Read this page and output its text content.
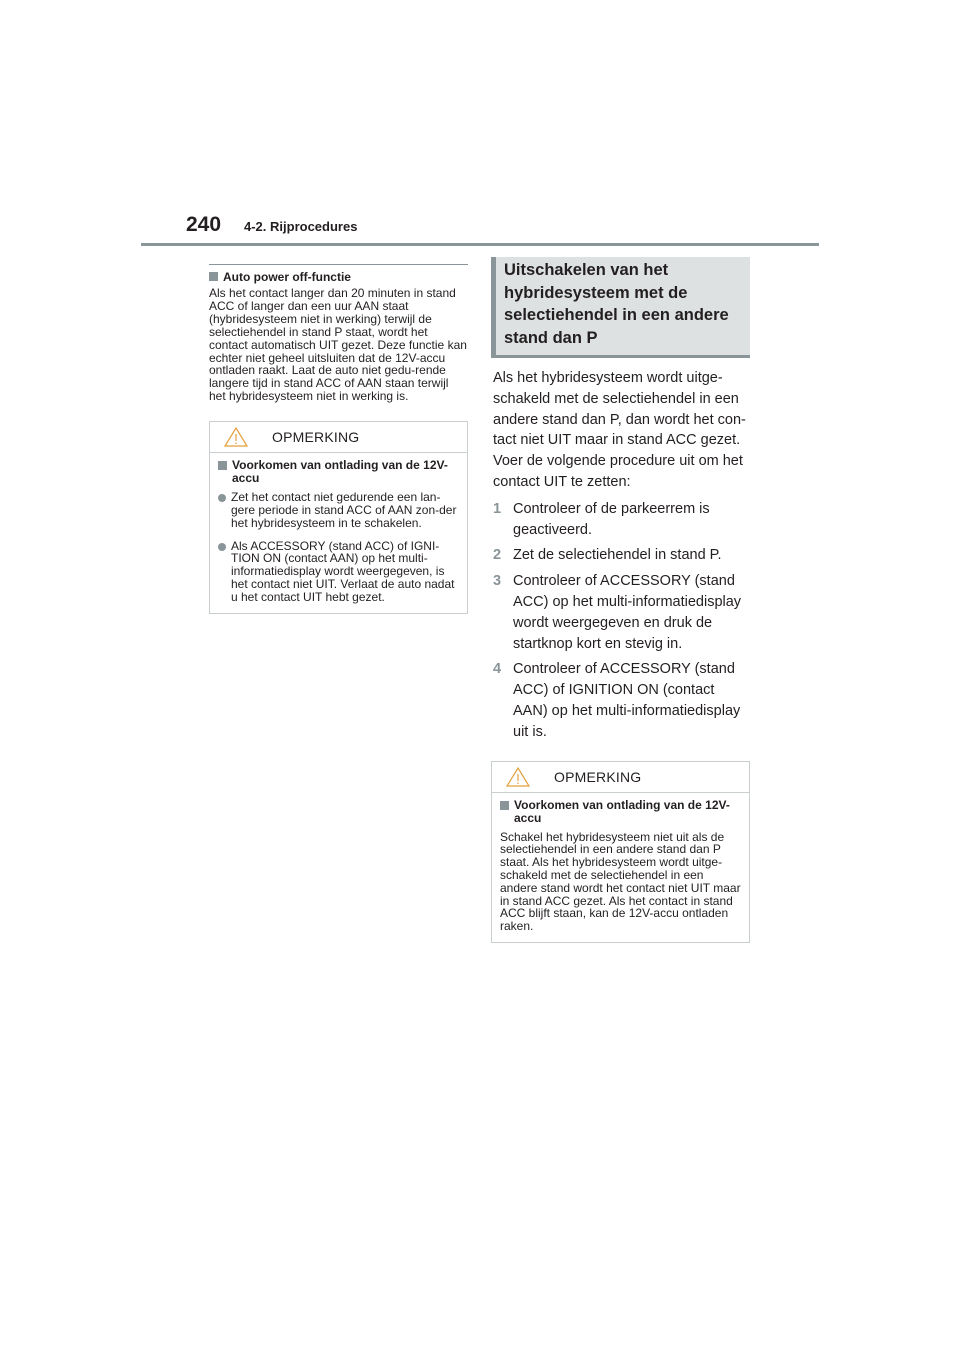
240 4-2. Rijprocedures
Auto power off-functie
Als het contact langer dan 20 minuten in stand ACC of langer dan een uur AAN staat (hybridesysteem niet in werking) terwijl de selectiehendel in stand P staat, wordt het contact automatisch UIT gezet. Deze functie kan echter niet geheel uitsluiten dat de 12V-accu ontladen raakt. Laat de auto niet gedu-rende langere tijd in stand ACC of AAN staan terwijl het hybridesysteem niet in werking is.
OPMERKING
Voorkomen van ontlading van de 12V-accu
Zet het contact niet gedurende een lan-gere periode in stand ACC of AAN zon-der het hybridesysteem in te schakelen.
Als ACCESSORY (stand ACC) of IGNI-TION ON (contact AAN) op het multi-informatiedisplay wordt weergegeven, is het contact niet UIT. Verlaat de auto nadat u het contact UIT hebt gezet.
Uitschakelen van het
hybridesysteem met de
selectiehendel in een andere
stand dan P
Als het hybridesysteem wordt uitge-schakeld met de selectiehendel in een andere stand dan P, dan wordt het con-tact niet UIT maar in stand ACC gezet. Voer de volgende procedure uit om het contact UIT te zetten:
1 Controleer of de parkeerrem is geactiveerd.
2 Zet de selectiehendel in stand P.
3 Controleer of ACCESSORY (stand ACC) op het multi-informatiedisplay wordt weergegeven en druk de startknop kort en stevig in.
4 Controleer of ACCESSORY (stand ACC) of IGNITION ON (contact AAN) op het multi-informatiedisplay uit is.
OPMERKING
Voorkomen van ontlading van de 12V-accu
Schakel het hybridesysteem niet uit als de selectiehendel in een andere stand dan P staat. Als het hybridesysteem wordt uitge-schakeld met de selectiehendel in een andere stand wordt het contact niet UIT maar in stand ACC gezet. Als het contact in stand ACC blijft staan, kan de 12V-accu ontladen raken.
